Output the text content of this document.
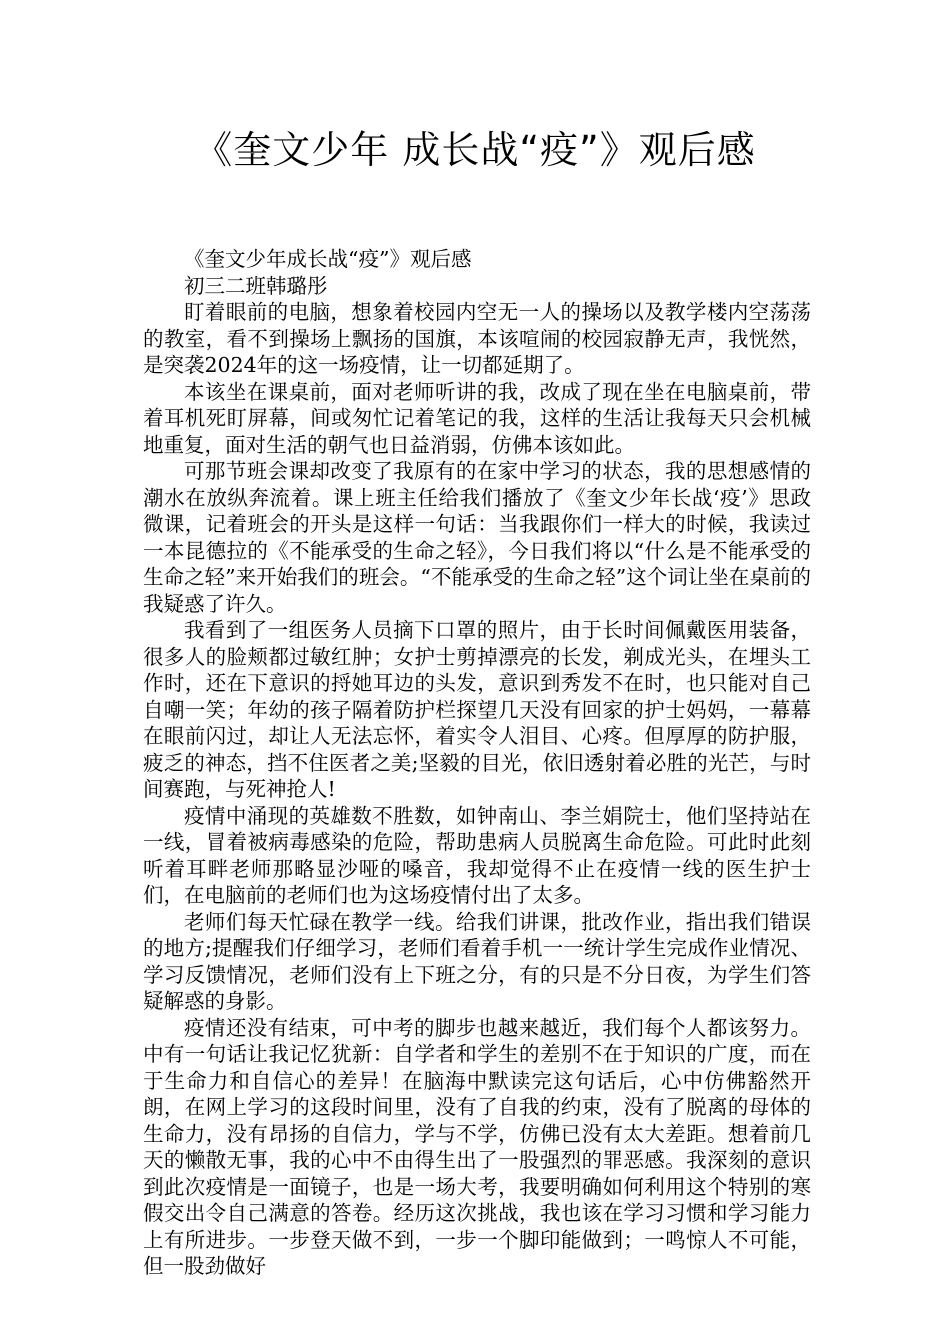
《奎文少年 成长战“疫”》观后感

《奎文少年成长战“疫”》观后感

初三二班韩璐彤

盯着眼前的电脑，想象着校园内空无一人的操场以及教学楼内空荡荡的教室，看不到操场上飘扬的国旗，本该喧闹的校园寂静无声，我恍然，是突袭2024年的这一场疫情，让一切都延期了。

本该坐在课桌前，面对老师听讲的我，改成了现在坐在电脑桌前，带着耳机死盯屏幕，间或匆忙记着笔记的我，这样的生活让我每天只会机械地重复，面对生活的朝气也日益消弱，仿佛本该如此。

可那节班会课却改变了我原有的在家中学习的状态，我的思想感情的潮水在放纵奔流着。课上班主任给我们播放了《奎文少年长战‘疫’》思政微课，记着班会的开头是这样一句话：当我跟你们一样大的时候，我读过一本昆德拉的《不能承受的生命之轻》，今日我们将以“什么是不能承受的生命之轻”来开始我们的班会。“不能承受的生命之轻”这个词让坐在桌前的我疑惑了许久。

我看到了一组医务人员摘下口罩的照片，由于长时间佩戴医用装备，很多人的脸颊都过敏红肿；女护士剪掉漂亮的长发，剃成光头，在埋头工作时，还在下意识的捋她耳边的头发，意识到秀发不在时，也只能对自己自嘲一笑；年幼的孩子隔着防护栏探望几天没有回家的护士妈妈，一幕幕在眼前闪过，却让人无法忘怀，着实令人泪目、心疼。但厚厚的防护服，疲乏的神态，挡不住医者之美;坚毅的目光，依旧透射着必胜的光芒，与时间赛跑，与死神抢人!

疫情中涌现的英雄数不胜数，如钟南山、李兰娟院士，他们坚持站在一线，冒着被病毒感染的危险，帮助患病人员脱离生命危险。可此时此刻听着耳畔老师那略显沙哑的嗓音，我却觉得不止在疫情一线的医生护士们，在电脑前的老师们也为这场疫情付出了太多。

老师们每天忙碌在教学一线。给我们讲课，批改作业，指出我们错误的地方;提醒我们仔细学习，老师们看着手机一一统计学生完成作业情况、学习反馈情况，老师们没有上下班之分，有的只是不分日夜，为学生们答疑解惑的身影。

疫情还没有结束，可中考的脚步也越来越近，我们每个人都该努力。中有一句话让我记忆犹新：自学者和学生的差别不在于知识的广度，而在于生命力和自信心的差异！在脑海中默读完这句话后，心中仿佛豁然开朗，在网上学习的这段时间里，没有了自我的约束，没有了脱离的母体的生命力，没有昂扬的自信力，学与不学，仿佛已没有太大差距。想着前几天的懒散无事，我的心中不由得生出了一股强烈的罪恶感。我深刻的意识到此次疫情是一面镜子，也是一场大考，我要明确如何利用这个特别的寒假交出令自己满意的答卷。经历这次挑战，我也该在学习习惯和学习能力上有所进步。一步登天做不到，一步一个脚印能做到；一鸣惊人不可能，但一股劲做好
